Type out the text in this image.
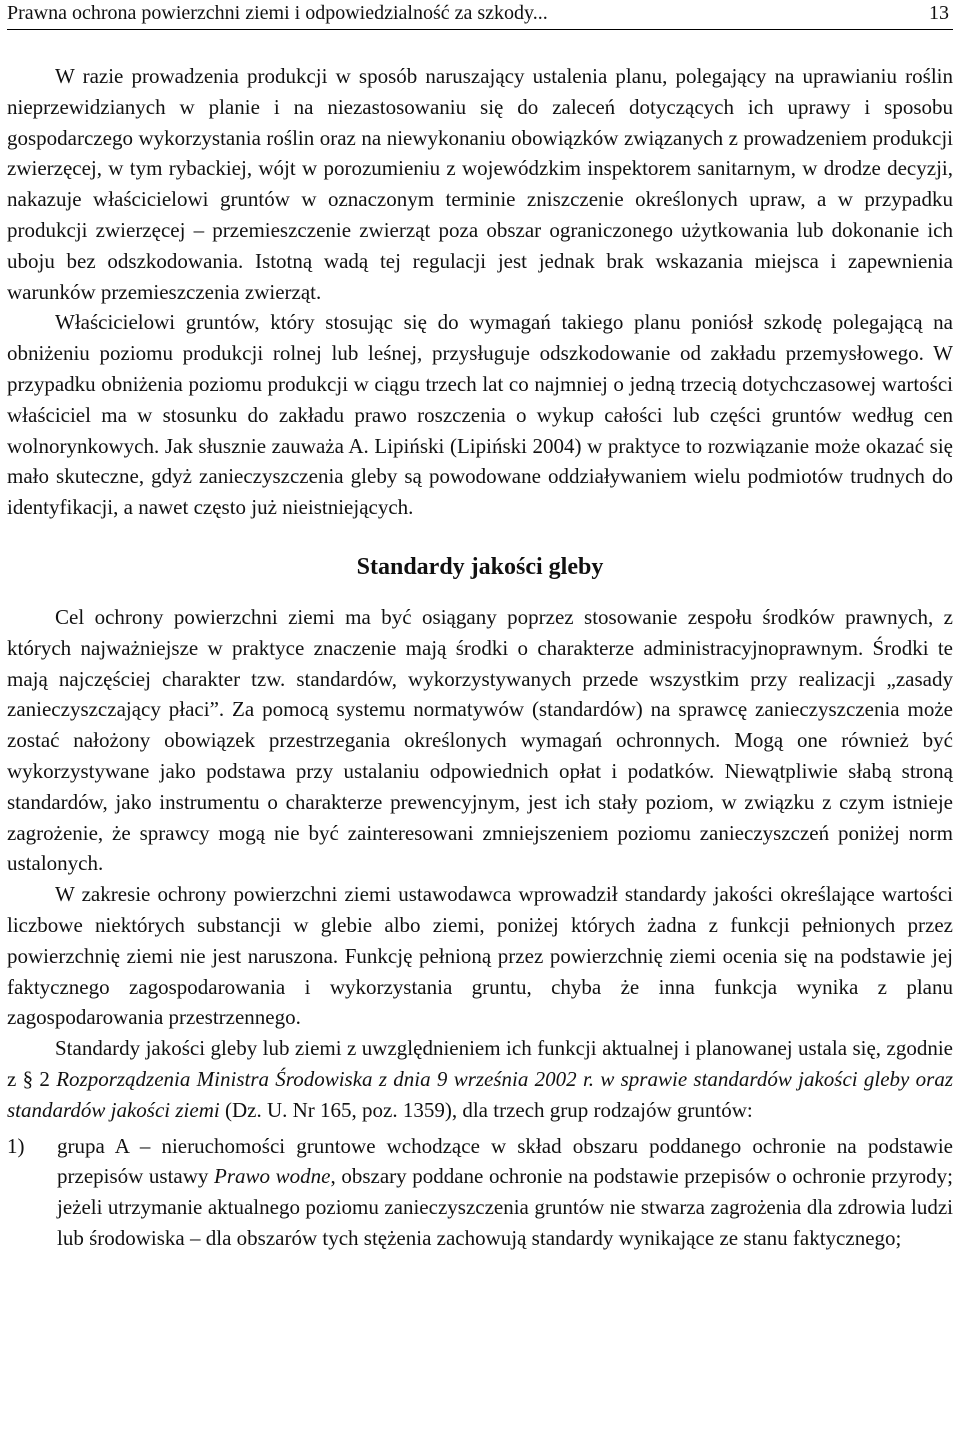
Prawna ochrona powierzchni ziemi i odpowiedzialność za szkody...	13

W razie prowadzenia produkcji w sposób naruszający ustalenia planu, polegający na uprawianiu roślin nieprzewidzianych w planie i na niezastosowaniu się do zaleceń dotyczących ich uprawy i sposobu gospodarczego wykorzystania roślin oraz na niewykonaniu obowiązków związanych z prowadzeniem produkcji zwierzęcej, w tym rybackiej, wójt w porozumieniu z wojewódzkim inspektorem sanitarnym, w drodze decyzji, nakazuje właścicielowi gruntów w oznaczonym terminie zniszczenie określonych upraw, a w przypadku produkcji zwierzęcej – przemieszczenie zwierząt poza obszar ograniczonego użytkowania lub dokonanie ich uboju bez odszkodowania. Istotną wadą tej regulacji jest jednak brak wskazania miejsca i zapewnienia warunków przemieszczenia zwierząt.

Właścicielowi gruntów, który stosując się do wymagań takiego planu poniósł szkodę polegającą na obniżeniu poziomu produkcji rolnej lub leśnej, przysługuje odszkodowanie od zakładu przemysłowego. W przypadku obniżenia poziomu produkcji w ciągu trzech lat co najmniej o jedną trzecią dotychczasowej wartości właściciel ma w stosunku do zakładu prawo roszczenia o wykup całości lub części gruntów według cen wolnorynkowych. Jak słusznie zauważa A. Lipiński (Lipiński 2004) w praktyce to rozwiązanie może okazać się mało skuteczne, gdyż zanieczyszczenia gleby są powodowane oddziaływaniem wielu podmiotów trudnych do identyfikacji, a nawet często już nieistniejących.

Standardy jakości gleby

Cel ochrony powierzchni ziemi ma być osiągany poprzez stosowanie zespołu środków prawnych, z których najważniejsze w praktyce znaczenie mają środki o charakterze administracyjnoprawnym. Środki te mają najczęściej charakter tzw. standardów, wykorzystywanych przede wszystkim przy realizacji „zasady zanieczyszczający płaci”. Za pomocą systemu normatywów (standardów) na sprawcę zanieczyszczenia może zostać nałożony obowiązek przestrzegania określonych wymagań ochronnych. Mogą one również być wykorzystywane jako podstawa przy ustalaniu odpowiednich opłat i podatków. Niewątpliwie słabą stroną standardów, jako instrumentu o charakterze prewencyjnym, jest ich stały poziom, w związku z czym istnieje zagrożenie, że sprawcy mogą nie być zainteresowani zmniejszeniem poziomu zanieczyszczeń poniżej norm ustalonych.

W zakresie ochrony powierzchni ziemi ustawodawca wprowadził standardy jakości określające wartości liczbowe niektórych substancji w glebie albo ziemi, poniżej których żadna z funkcji pełnionych przez powierzchnię ziemi nie jest naruszona. Funkcję pełnioną przez powierzchnię ziemi ocenia się na podstawie jej faktycznego zagospodarowania i wykorzystania gruntu, chyba że inna funkcja wynika z planu zagospodarowania przestrzennego.

Standardy jakości gleby lub ziemi z uwzględnieniem ich funkcji aktualnej i planowanej ustala się, zgodnie z § 2 Rozporządzenia Ministra Środowiska z dnia 9 września 2002 r. w sprawie standardów jakości gleby oraz standardów jakości ziemi (Dz. U. Nr 165, poz. 1359), dla trzech grup rodzajów gruntów:

1)	grupa A – nieruchomości gruntowe wchodzące w skład obszaru poddanego ochronie na podstawie przepisów ustawy Prawo wodne, obszary poddane ochronie na podstawie przepisów o ochronie przyrody; jeżeli utrzymanie aktualnego poziomu zanieczyszczenia gruntów nie stwarza zagrożenia dla zdrowia ludzi lub środowiska – dla obszarów tych stężenia zachowują standardy wynikające ze stanu faktycznego;
